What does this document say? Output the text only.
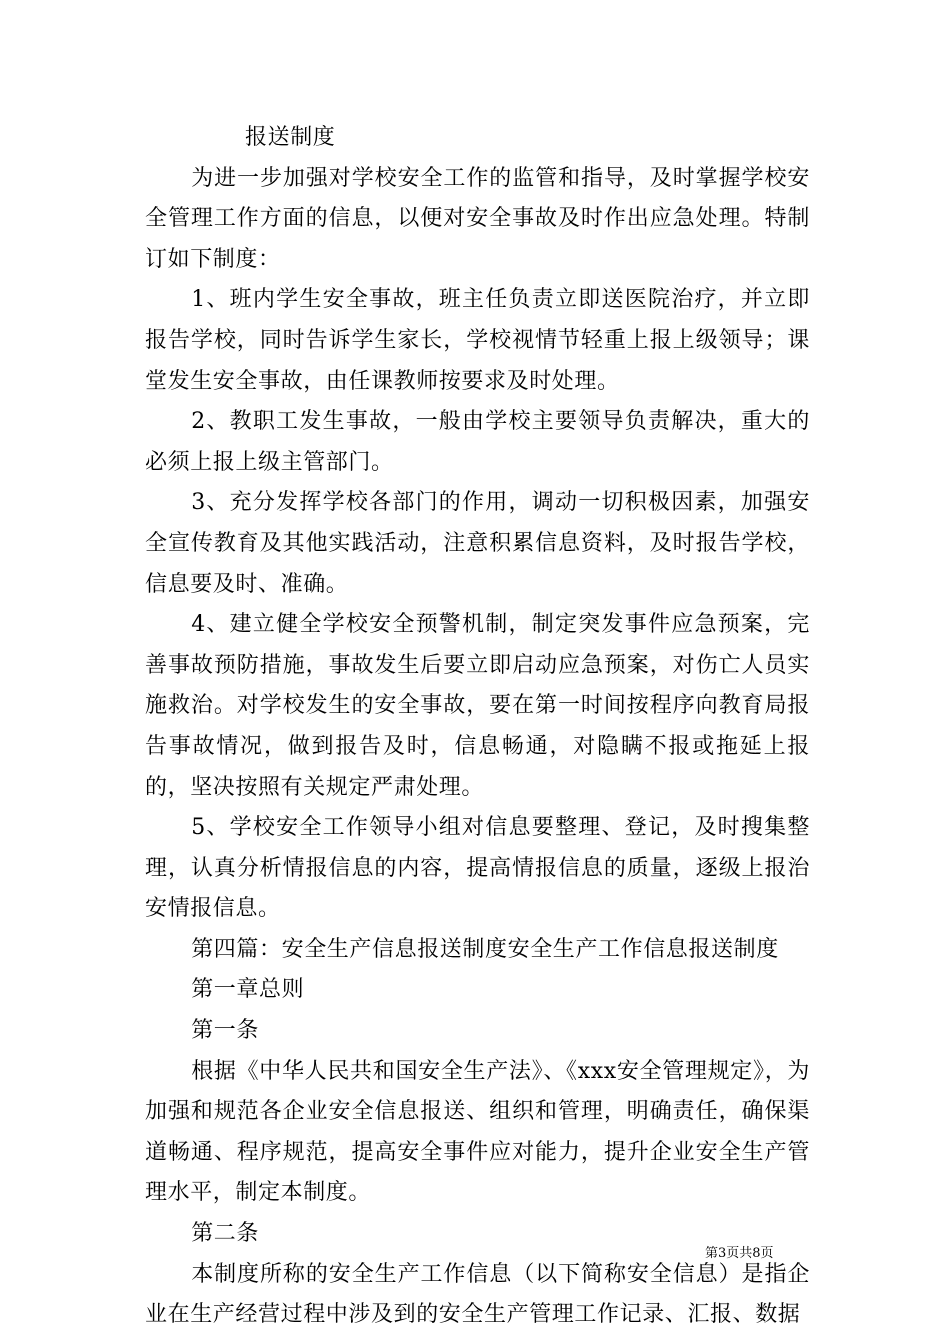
报送制度

为进一步加强对学校安全工作的监管和指导，及时掌握学校安全管理工作方面的信息，以便对安全事故及时作出应急处理。特制订如下制度：

1、班内学生安全事故，班主任负责立即送医院治疗，并立即报告学校，同时告诉学生家长，学校视情节轻重上报上级领导；课堂发生安全事故，由任课教师按要求及时处理。

2、教职工发生事故，一般由学校主要领导负责解决，重大的必须上报上级主管部门。

3、充分发挥学校各部门的作用，调动一切积极因素，加强安全宣传教育及其他实践活动，注意积累信息资料，及时报告学校，信息要及时、准确。

4、建立健全学校安全预警机制，制定突发事件应急预案，完善事故预防措施，事故发生后要立即启动应急预案，对伤亡人员实施救治。对学校发生的安全事故，要在第一时间按程序向教育局报告事故情况，做到报告及时，信息畅通，对隐瞒不报或拖延上报的，坚决按照有关规定严肃处理。

5、学校安全工作领导小组对信息要整理、登记，及时搜集整理，认真分析情报信息的内容，提高情报信息的质量，逐级上报治安情报信息。

第四篇：安全生产信息报送制度安全生产工作信息报送制度

第一章总则

第一条

根据《中华人民共和国安全生产法》、《xxx安全管理规定》，为加强和规范各企业安全信息报送、组织和管理，明确责任，确保渠道畅通、程序规范，提高安全事件应对能力，提升企业安全生产管理水平，制定本制度。

第二条

本制度所称的安全生产工作信息（以下简称安全信息）是指企业在生产经营过程中涉及到的安全生产管理工作记录、汇报、数据

第3页共8页
